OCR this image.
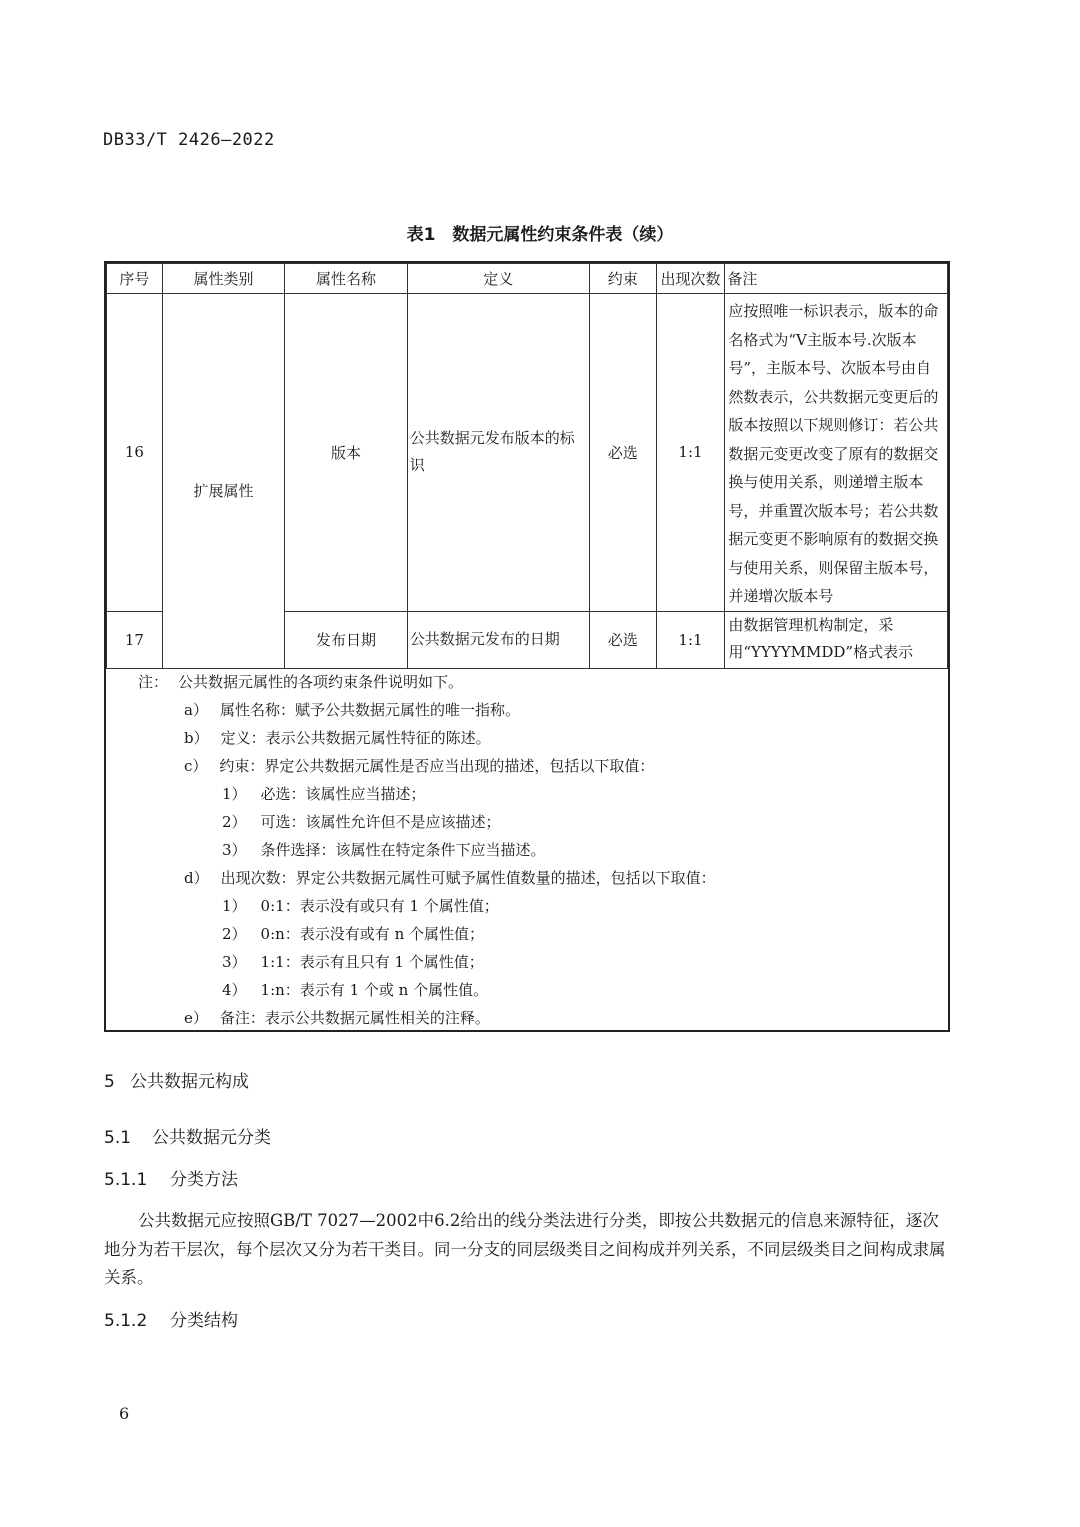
DB33/T 2426—2022
表1　数据元属性约束条件表（续）
序号	属性类别	属性名称	定义	约束	出现次数	备注
16	扩展属性	版本	公共数据元发布版本的标识	必选	1:1	应按照唯一标识表示，版本的命名格式为“V主版本号.次版本号”，主版本号、次版本号由自然数表示，公共数据元变更后的版本按照以下规则修订：若公共数据元变更改变了原有的数据交换与使用关系，则递增主版本号，并重置次版本号；若公共数据元变更不影响原有的数据交换与使用关系，则保留主版本号，并递增次版本号
17		发布日期	公共数据元发布的日期	必选	1:1	由数据管理机构制定，采用“YYYYMMDD”格式表示
注： 公共数据元属性的各项约束条件说明如下。
a） 属性名称：赋予公共数据元属性的唯一指称。
b） 定义：表示公共数据元属性特征的陈述。
c） 约束：界定公共数据元属性是否应当出现的描述，包括以下取值：
1） 必选：该属性应当描述；
2） 可选：该属性允许但不是应该描述；
3） 条件选择：该属性在特定条件下应当描述。
d） 出现次数：界定公共数据元属性可赋予属性值数量的描述，包括以下取值：
1） 0:1：表示没有或只有 1 个属性值；
2） 0:n：表示没有或有 n 个属性值；
3） 1:1：表示有且只有 1 个属性值；
4） 1:n：表示有 1 个或 n 个属性值。
e） 备注：表示公共数据元属性相关的注释。
5 公共数据元构成
5.1 公共数据元分类
5.1.1 分类方法

公共数据元应按照GB/T 7027—2002中6.2给出的线分类法进行分类，即按公共数据元的信息来源特征，逐次地分为若干层次，每个层次又分为若干类目。同一分支的同层级类目之间构成并列关系，不同层级类目之间构成隶属关系。

5.1.2 分类结构
6
